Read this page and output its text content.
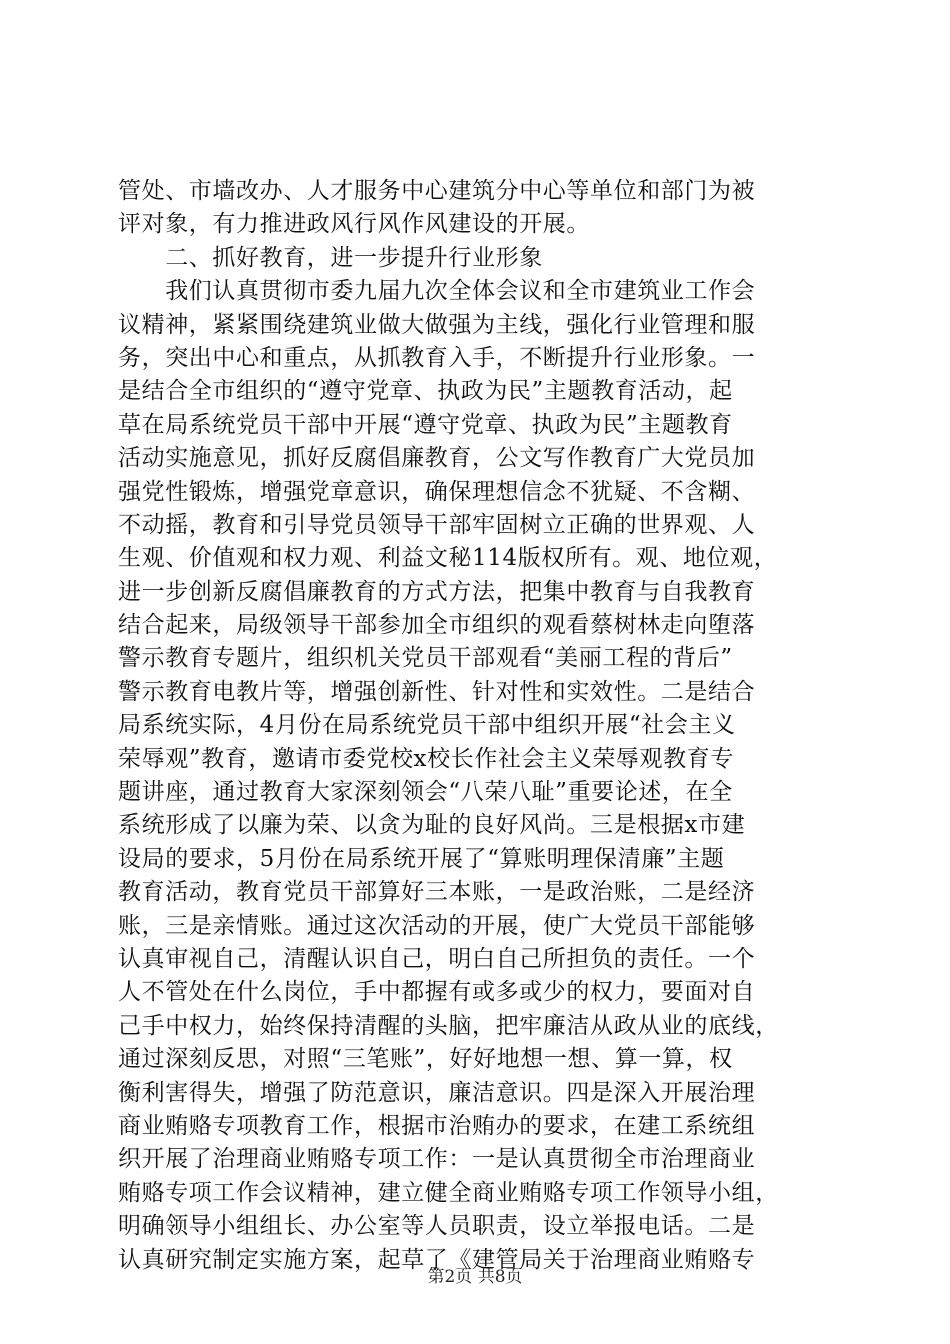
管处、市墙改办、人才服务中心建筑分中心等单位和部门为被
评对象，有力推进政风行风作风建设的开展。
　　二、抓好教育，进一步提升行业形象
　　我们认真贯彻市委九届九次全体会议和全市建筑业工作会
议精神，紧紧围绕建筑业做大做强为主线，强化行业管理和服
务，突出中心和重点，从抓教育入手，不断提升行业形象。一
是结合全市组织的“遵守党章、执政为民”主题教育活动，起
草在局系统党员干部中开展“遵守党章、执政为民”主题教育
活动实施意见，抓好反腐倡廉教育，公文写作教育广大党员加
强党性锻炼，增强党章意识，确保理想信念不犹疑、不含糊、
不动摇，教育和引导党员领导干部牢固树立正确的世界观、人
生观、价值观和权力观、利益文秘114版权所有。观、地位观，
进一步创新反腐倡廉教育的方式方法，把集中教育与自我教育
结合起来，局级领导干部参加全市组织的观看蔡树林走向堕落
警示教育专题片，组织机关党员干部观看“美丽工程的背后”
警示教育电教片等，增强创新性、针对性和实效性。二是结合
局系统实际，4月份在局系统党员干部中组织开展“社会主义
荣辱观”教育，邀请市委党校x校长作社会主义荣辱观教育专
题讲座，通过教育大家深刻领会“八荣八耻”重要论述，在全
系统形成了以廉为荣、以贪为耻的良好风尚。三是根据x市建
设局的要求，5月份在局系统开展了“算账明理保清廉”主题
教育活动，教育党员干部算好三本账，一是政治账，二是经济
账，三是亲情账。通过这次活动的开展，使广大党员干部能够
认真审视自己，清醒认识自己，明白自己所担负的责任。一个
人不管处在什么岗位，手中都握有或多或少的权力，要面对自
己手中权力，始终保持清醒的头脑，把牢廉洁从政从业的底线，
通过深刻反思，对照“三笔账”，好好地想一想、算一算，权
衡利害得失，增强了防范意识，廉洁意识。四是深入开展治理
商业贿赂专项教育工作，根据市治贿办的要求，在建工系统组
织开展了治理商业贿赂专项工作：一是认真贯彻全市治理商业
贿赂专项工作会议精神，建立健全商业贿赂专项工作领导小组，
明确领导小组组长、办公室等人员职责，设立举报电话。二是
认真研究制定实施方案，起草了《建管局关于治理商业贿赂专
第2页 共8页
